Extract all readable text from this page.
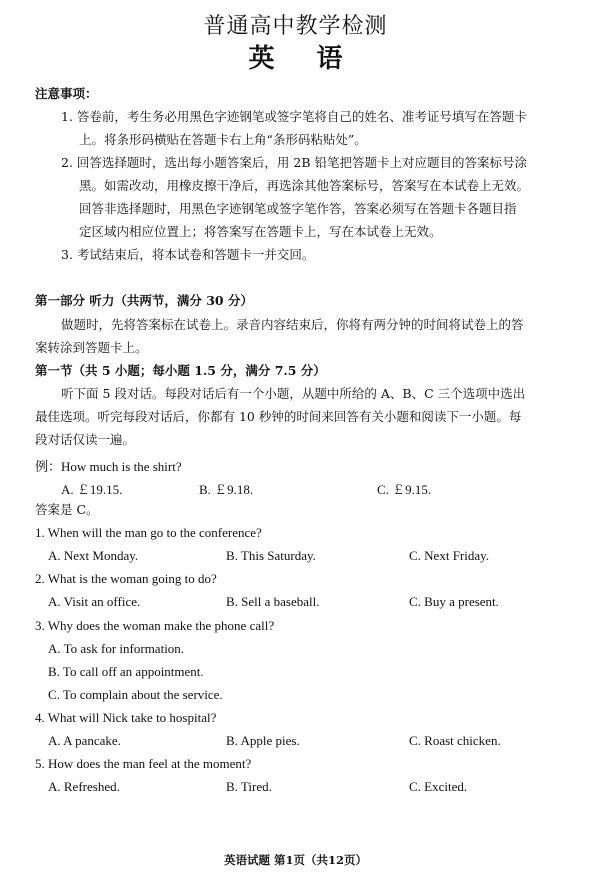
普通高中教学检测
英 语
注意事项：
1. 答卷前，考生务必用黑色字迹钢笔或签字笔将自己的姓名、准考证号填写在答题卡
上。将条形码横贴在答题卡右上角“条形码粘贴处”。
2. 回答选择题时，选出每小题答案后，用 2B 铅笔把答题卡上对应题目的答案标号涂
黑。如需改动，用橡皮擦干净后，再选涂其他答案标号，答案写在本试卷上无效。
回答非选择题时，用黑色字迹钢笔或签字笔作答，答案必须写在答题卡各题目指
定区域内相应位置上；将答案写在答题卡上，写在本试卷上无效。
3. 考试结束后，将本试卷和答题卡一并交回。
第一部分 听力（共两节，满分 30 分）
做题时，先将答案标在试卷上。录音内容结束后，你将有两分钟的时间将试卷上的答
案转涂到答题卡上。
第一节（共 5 小题；每小题 1.5 分，满分 7.5 分）
听下面 5 段对话。每段对话后有一个小题，从题中所给的 A、B、C 三个选项中选出
最佳选项。听完每段对话后，你都有 10 秒钟的时间来回答有关小题和阅读下一小题。每
段对话仅读一遍。
例：How much is the shirt?
A. ￡19.15.	B. ￡9.18.	C. ￡9.15.
答案是 C。
1. When will the man go to the conference?
A. Next Monday.	B. This Saturday.	C. Next Friday.
2. What is the woman going to do?
A. Visit an office.	B. Sell a baseball.	C. Buy a present.
3. Why does the woman make the phone call?
A. To ask for information.
B. To call off an appointment.
C. To complain about the service.
4. What will Nick take to hospital?
A. A pancake.	B. Apple pies.	C. Roast chicken.
5. How does the man feel at the moment?
A. Refreshed.	B. Tired.	C. Excited.
英语试题 第1页（共12页）
